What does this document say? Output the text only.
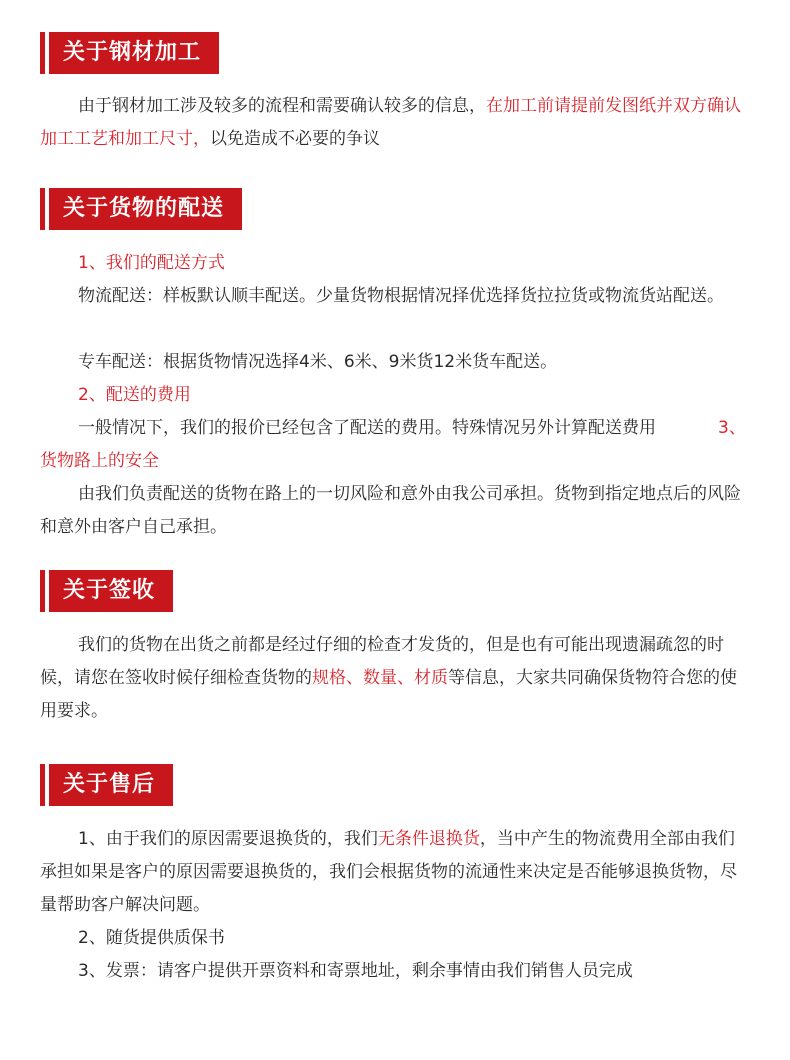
关于钢材加工

由于钢材加工涉及较多的流程和需要确认较多的信息，在加工前请提前发图纸并双方确认加工工艺和加工尺寸，以免造成不必要的争议

关于货物的配送

1、我们的配送方式

物流配送：样板默认顺丰配送。少量货物根据情况择优选择货拉拉货或物流货站配送。

专车配送：根据货物情况选择4米、6米、9米货12米货车配送。

2、配送的费用

一般情况下，我们的报价已经包含了配送的费用。特殊情况另外计算配送费用	3、货物路上的安全

由我们负责配送的货物在路上的一切风险和意外由我公司承担。货物到指定地点后的风险和意外由客户自己承担。

关于签收

我们的货物在出货之前都是经过仔细的检查才发货的，但是也有可能出现遗漏疏忽的时候，请您在签收时候仔细检查货物的规格、数量、材质等信息，大家共同确保货物符合您的使用要求。

关于售后

1、由于我们的原因需要退换货的，我们无条件退换货，当中产生的物流费用全部由我们承担如果是客户的原因需要退换货的，我们会根据货物的流通性来决定是否能够退换货物，尽量帮助客户解决问题。

2、随货提供质保书

3、发票：请客户提供开票资料和寄票地址，剩余事情由我们销售人员完成
